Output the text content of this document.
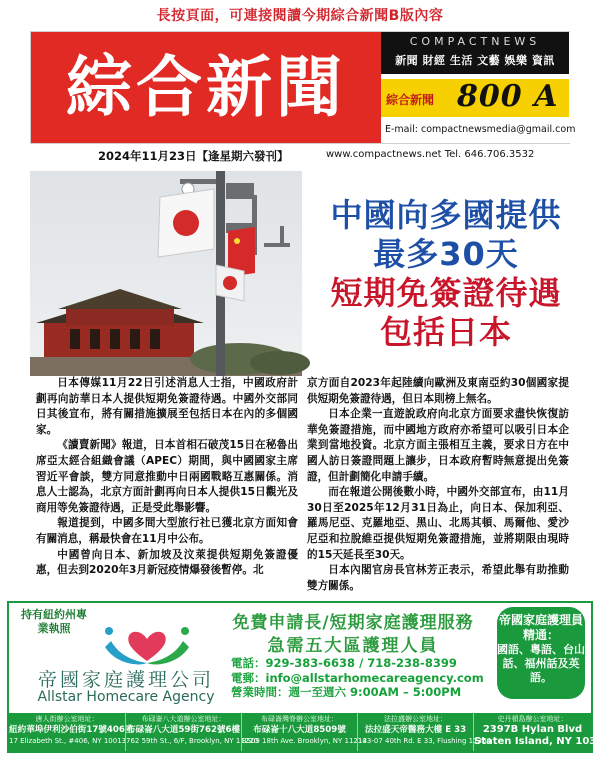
長按頁面，可連接閱讀今期綜合新聞B版內容
綜合新聞
COMPACTNEWS
新聞 財經 生活 文藝 娛樂 資訊
綜合新聞 800 A
E-mail: compactnewsmedia@gmail.com
2024年11月23日【逢星期六發刊】	www.compactnews.net Tel. 646.706.3532
中國向多國提供
最多30天
短期免簽證待遇
包括日本

日本傳媒11月22日引述消息人士指，中國政府計劃再向訪華日本人提供短期免簽證待遇。中國外交部同日其後宣布，將有關措施擴展至包括日本在內的多個國家。

《讀賣新聞》報道，日本首相石破茂15日在秘魯出席亞太經合組織會議（APEC）期間，與中國國家主席習近平會談，雙方同意推動中日兩國戰略互惠關係。消息人士認為，北京方面計劃再向日本人提供15日觀光及商用等免簽證待遇，正是受此舉影響。

報道提到，中國多間大型旅行社已獲北京方面知會有關消息，稱最快會在11月中公布。

中國曾向日本、新加坡及汶萊提供短期免簽證優惠，但去到2020年3月新冠疫情爆發後暫停。北

京方面自2023年起陸續向歐洲及東南亞約30個國家提供短期免簽證待遇，但日本則榜上無名。

日本企業一直遊說政府向北京方面要求盡快恢復訪華免簽證措施，而中國地方政府亦希望可以吸引日本企業到當地投資。北京方面主張相互主義，要求日方在中國人訪日簽證問題上讓步，日本政府暫時無意提出免簽證，但計劃簡化申請手續。

而在報道公開後數小時，中國外交部宣布，由11月30日至2025年12月31日為止，向日本、保加利亞、羅馬尼亞、克羅地亞、黑山、北馬其頓、馬爾他、愛沙尼亞和拉脫維亞提供短期免簽證措施，並將期限由現時的15天延長至30天。

日本內閣官房長官林芳正表示，希望此舉有助推動雙方關係。

持有紐約州專業執照
帝國家庭護理公司
Allstar Homecare Agency
免費申請長/短期家庭護理服務
急需五大區護理人員
電話：929-383-6638 / 718-238-8399
電郵：info@allstarhomecareagency.com
營業時間：週一至週六 9:00AM – 5:00PM
帝國家庭護理員精通：
國語、粵語、台山話、福州話及英語。
唐人街辦公室地址：
紐約華埠伊利沙伯街17號406室
17 Elizabeth St., #406, NY 10013
布碌崙八大道辦公室地址：
布碌崙八大道59街762號6樓
762 59th St., 6/F, Brooklyn, NY 11220
布碌崙灣脊辦公室地址：
布碌崙十八大道8509號
8509 18th Ave. Brooklyn, NY 11214
法拉盛辦公室地址：
法拉盛天帝醫務大樓 E 33
133-07 40th Rd. E 33, Flushing 11354
史丹頓島辦公室地址：
2397B Hylan Blvd
Staten Island, NY 10306
